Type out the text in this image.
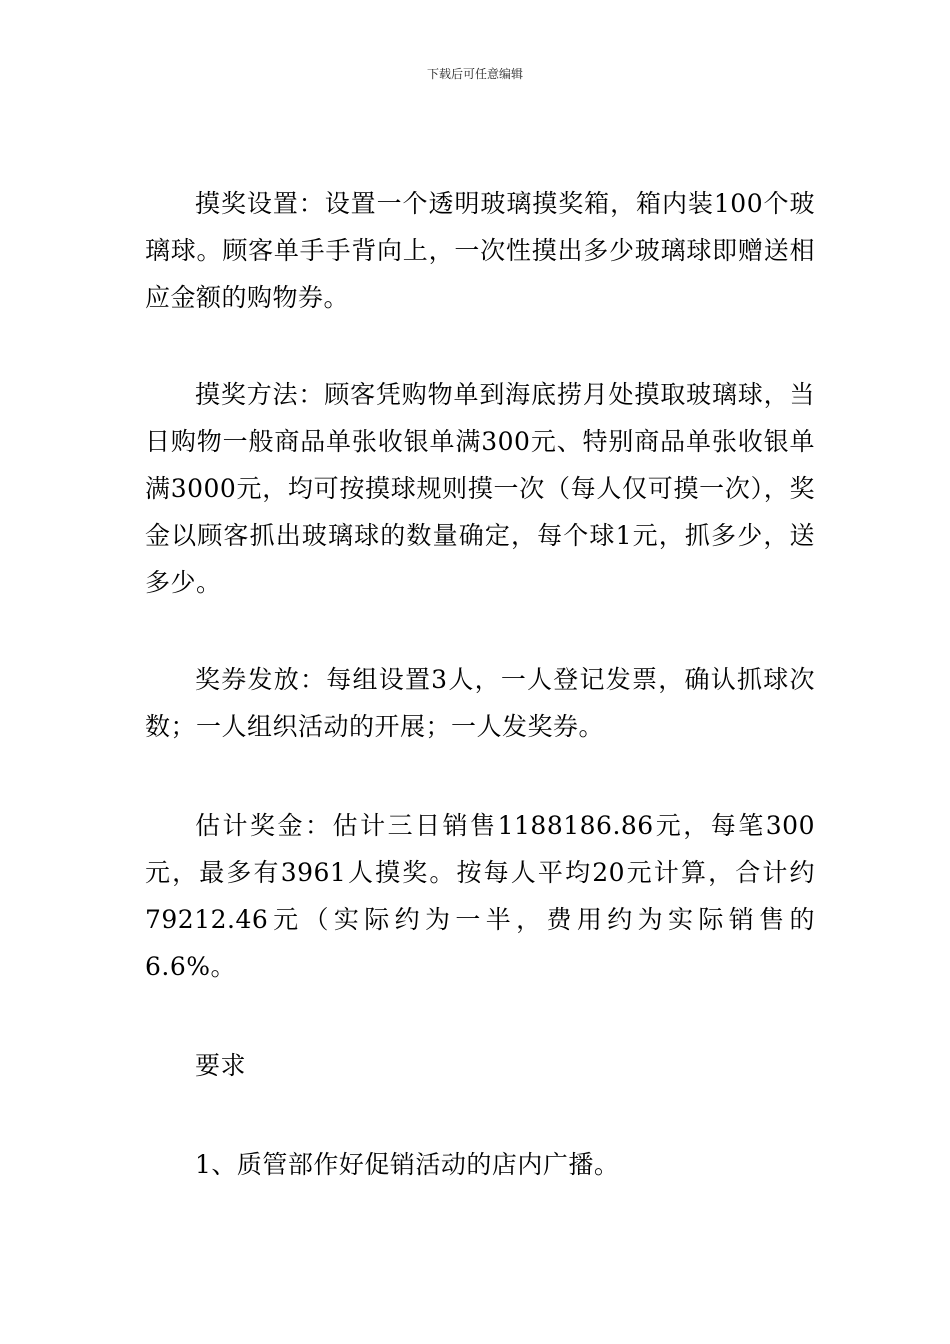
下载后可任意编辑

摸奖设置：设置一个透明玻璃摸奖箱，箱内装100个玻璃球。顾客单手手背向上，一次性摸出多少玻璃球即赠送相应金额的购物券。

摸奖方法：顾客凭购物单到海底捞月处摸取玻璃球，当日购物一般商品单张收银单满300元、特别商品单张收银单满3000元，均可按摸球规则摸一次（每人仅可摸一次），奖金以顾客抓出玻璃球的数量确定，每个球1元，抓多少，送多少。

奖券发放：每组设置3人，一人登记发票，确认抓球次数；一人组织活动的开展；一人发奖券。

估计奖金：估计三日销售1188186.86元，每笔300元，最多有3961人摸奖。按每人平均20元计算，合计约79212.46元（实际约为一半，费用约为实际销售的6.6%。

要求

1、质管部作好促销活动的店内广播。
